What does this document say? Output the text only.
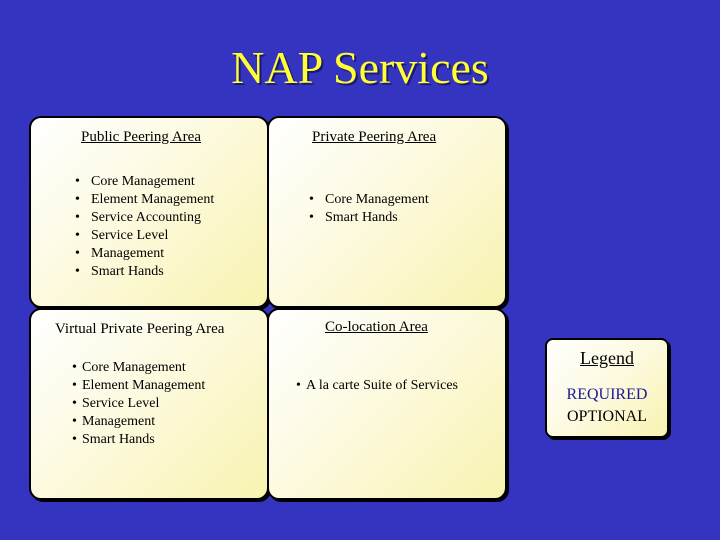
NAP Services
Public Peering Area
• Core Management
• Element Management
• Service Accounting
• Service Level
• Management
• Smart Hands
Private Peering Area
• Core Management
• Smart Hands
Virtual Private Peering Area
• Core Management
• Element Management
• Service Level
• Management
• Smart Hands
Co-location Area
• A la carte Suite of Services
Legend
REQUIRED
OPTIONAL
